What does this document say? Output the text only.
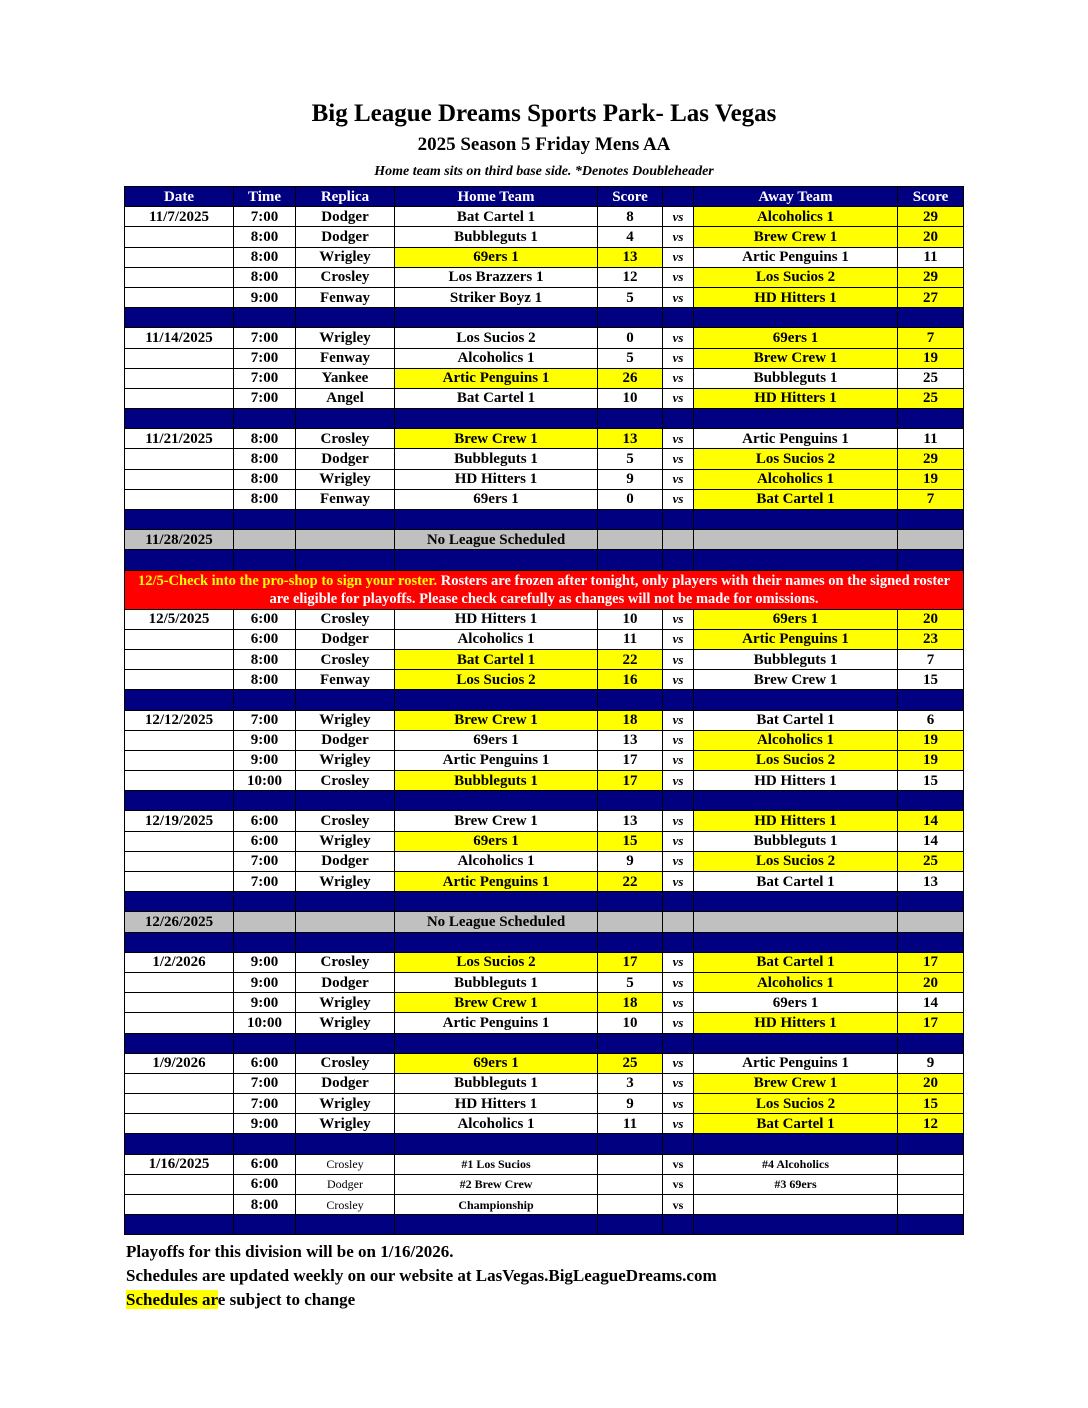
Big League Dreams Sports Park- Las Vegas
2025 Season 5 Friday Mens AA
Home team sits on third base side. *Denotes Doubleheader
Date	Time	Replica	Home Team	Score		Away Team	Score
11/7/2025	7:00	Dodger	Bat Cartel 1	8	vs	Alcoholics 1	29
	8:00	Dodger	Bubbleguts 1	4	vs	Brew Crew 1	20
	8:00	Wrigley	69ers 1	13	vs	Artic Penguins 1	11
	8:00	Crosley	Los Brazzers 1	12	vs	Los Sucios 2	29
	9:00	Fenway	Striker Boyz 1	5	vs	HD Hitters 1	27

11/14/2025	7:00	Wrigley	Los Sucios 2	0	vs	69ers 1	7
	7:00	Fenway	Alcoholics 1	5	vs	Brew Crew 1	19
	7:00	Yankee	Artic Penguins 1	26	vs	Bubbleguts 1	25
	7:00	Angel	Bat Cartel 1	10	vs	HD Hitters 1	25

11/21/2025	8:00	Crosley	Brew Crew 1	13	vs	Artic Penguins 1	11
	8:00	Dodger	Bubbleguts 1	5	vs	Los Sucios 2	29
	8:00	Wrigley	HD Hitters 1	9	vs	Alcoholics 1	19
	8:00	Fenway	69ers 1	0	vs	Bat Cartel 1	7

11/28/2025			No League Scheduled				

12/5-Check into the pro-shop to sign your roster. Rosters are frozen after tonight, only players with their names on the signed roster are eligible for playoffs. Please check carefully as changes will not be made for omissions.							
12/5/2025	6:00	Crosley	HD Hitters 1	10	vs	69ers 1	20
	6:00	Dodger	Alcoholics 1	11	vs	Artic Penguins 1	23
	8:00	Crosley	Bat Cartel 1	22	vs	Bubbleguts 1	7
	8:00	Fenway	Los Sucios 2	16	vs	Brew Crew 1	15

12/12/2025	7:00	Wrigley	Brew Crew 1	18	vs	Bat Cartel 1	6
	9:00	Dodger	69ers 1	13	vs	Alcoholics 1	19
	9:00	Wrigley	Artic Penguins 1	17	vs	Los Sucios 2	19
	10:00	Crosley	Bubbleguts 1	17	vs	HD Hitters 1	15

12/19/2025	6:00	Crosley	Brew Crew 1	13	vs	HD Hitters 1	14
	6:00	Wrigley	69ers 1	15	vs	Bubbleguts 1	14
	7:00	Dodger	Alcoholics 1	9	vs	Los Sucios 2	25
	7:00	Wrigley	Artic Penguins 1	22	vs	Bat Cartel 1	13

12/26/2025			No League Scheduled				

1/2/2026	9:00	Crosley	Los Sucios 2	17	vs	Bat Cartel 1	17
	9:00	Dodger	Bubbleguts 1	5	vs	Alcoholics 1	20
	9:00	Wrigley	Brew Crew 1	18	vs	69ers 1	14
	10:00	Wrigley	Artic Penguins 1	10	vs	HD Hitters 1	17

1/9/2026	6:00	Crosley	69ers 1	25	vs	Artic Penguins 1	9
	7:00	Dodger	Bubbleguts 1	3	vs	Brew Crew 1	20
	7:00	Wrigley	HD Hitters 1	9	vs	Los Sucios 2	15
	9:00	Wrigley	Alcoholics 1	11	vs	Bat Cartel 1	12

1/16/2025	6:00	Crosley	#1 Los Sucios		vs	#4 Alcoholics	
	6:00	Dodger	#2 Brew Crew		vs	#3 69ers	
	8:00	Crosley	Championship		vs		

Playoffs for this division will be on 1/16/2026.
Schedules are updated weekly on our website at LasVegas.BigLeagueDreams.com
Schedules are subject to change
